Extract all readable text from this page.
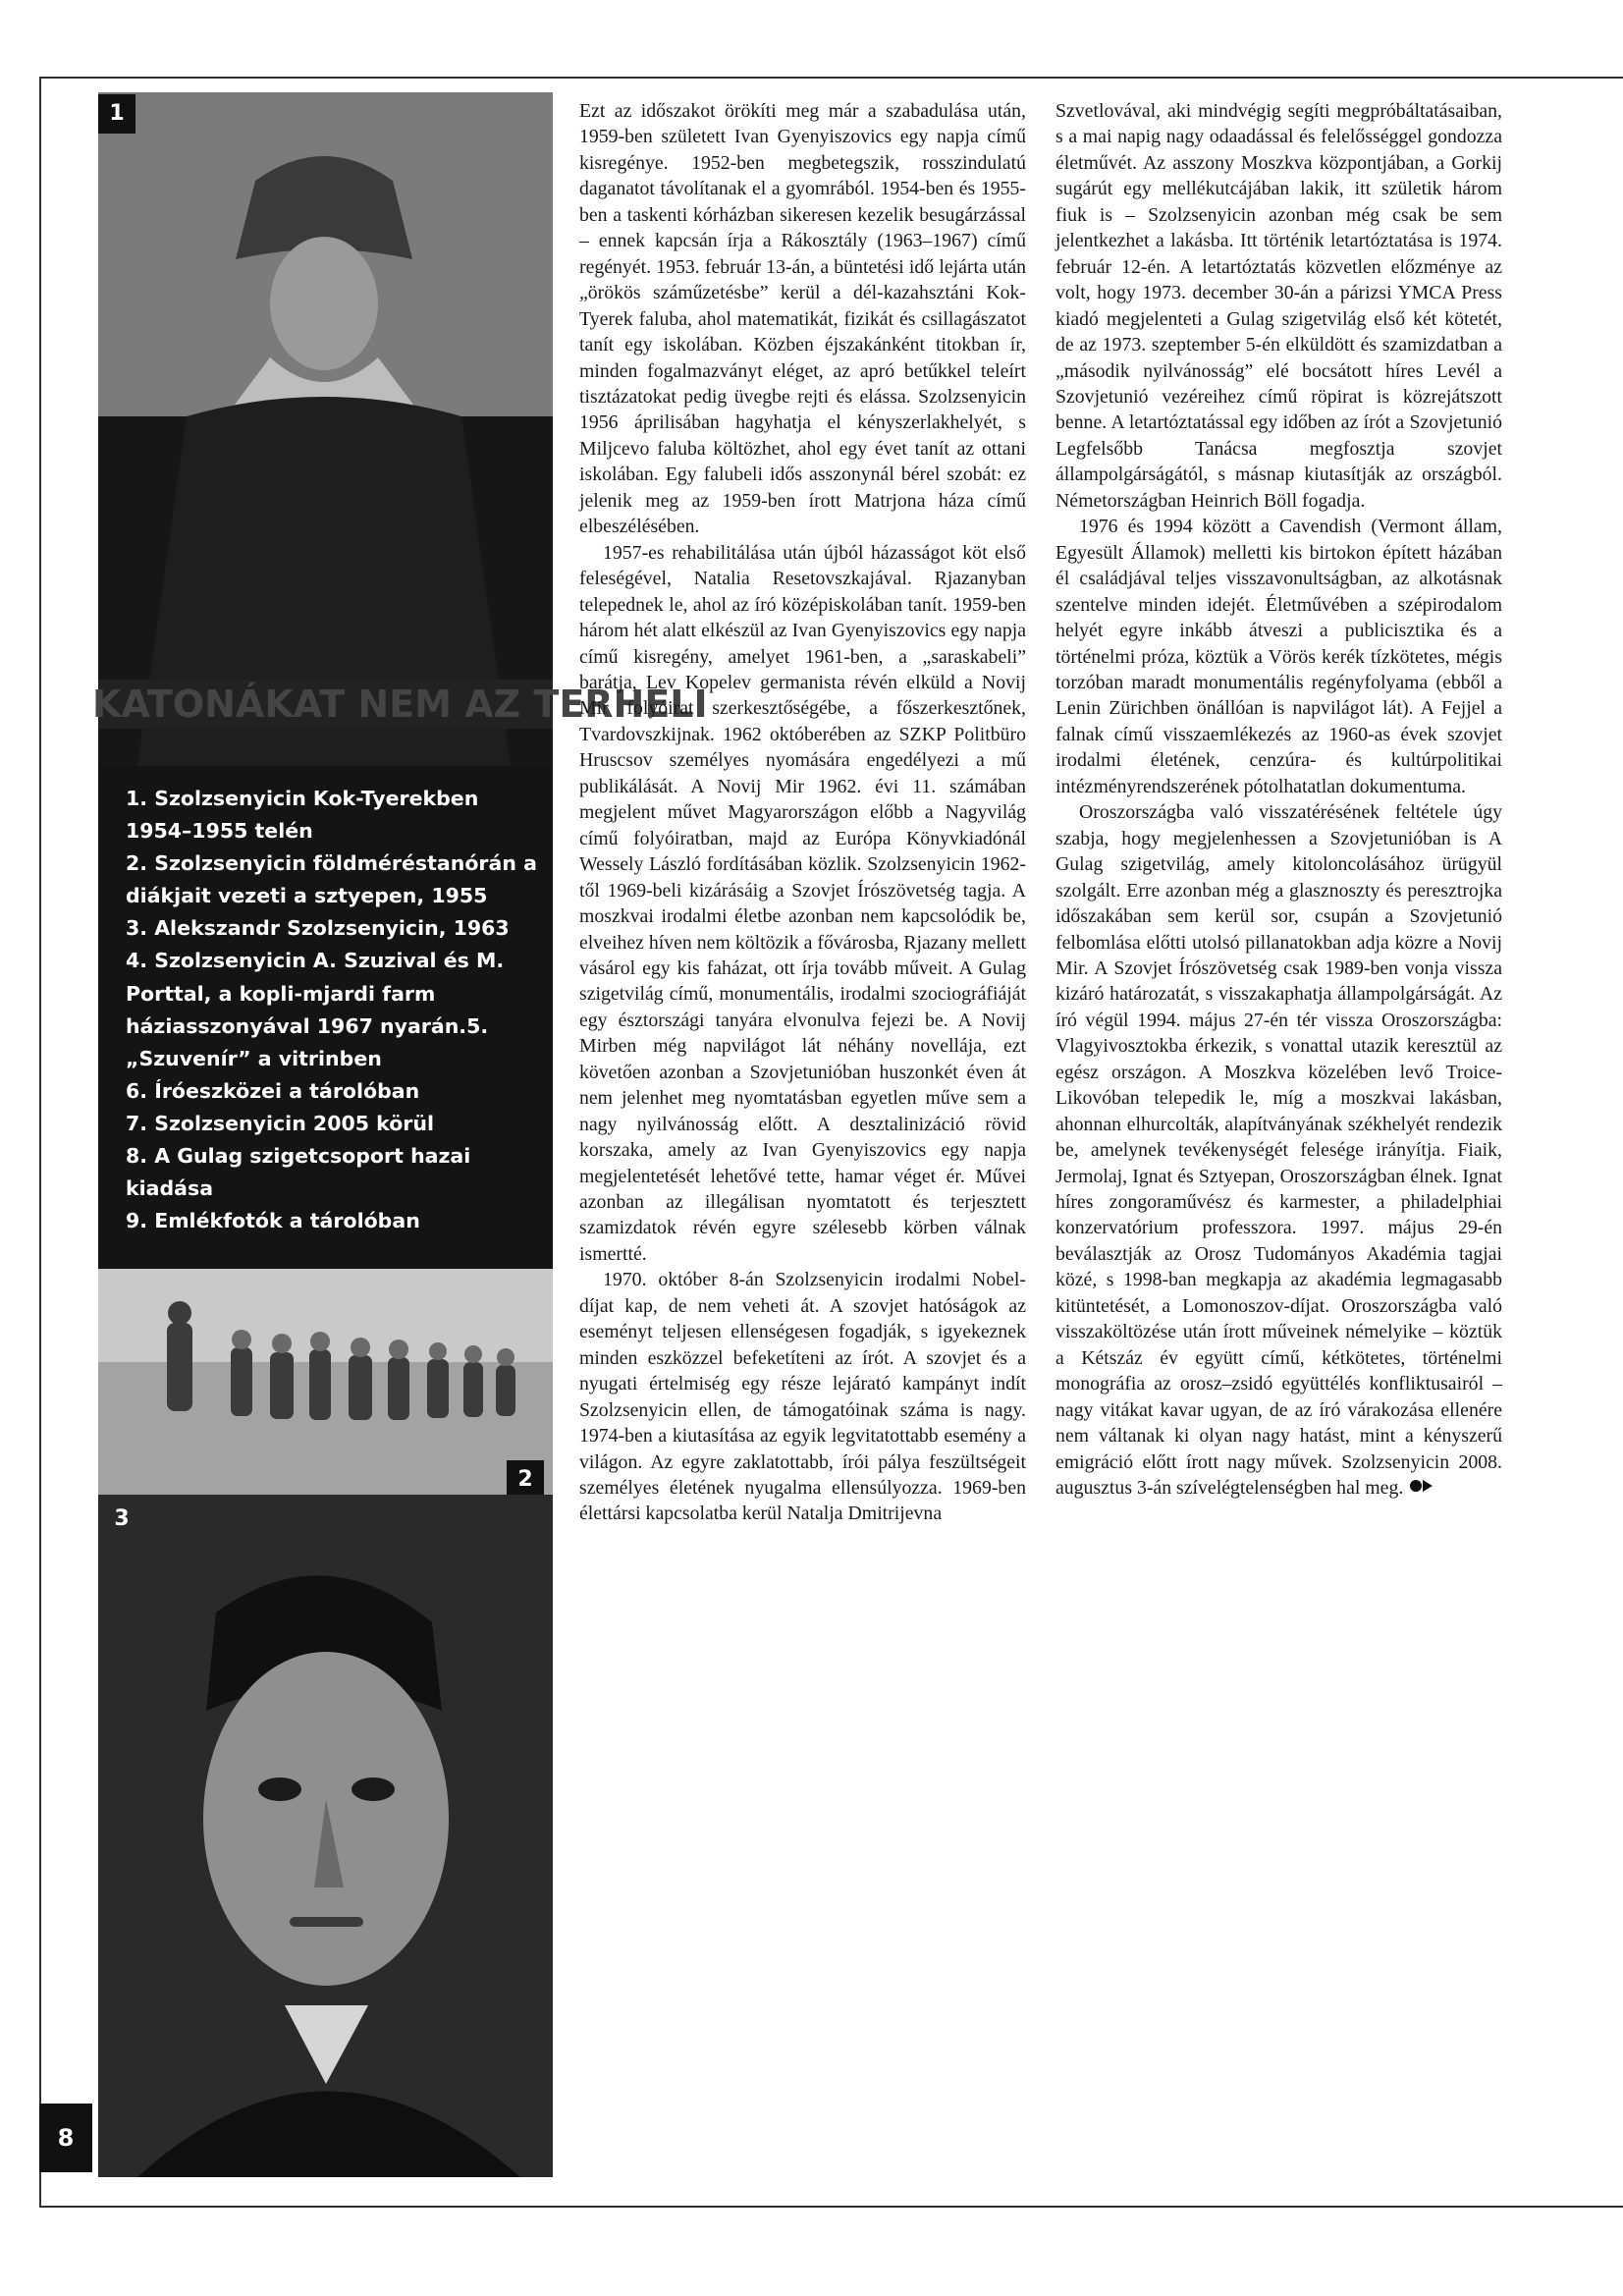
KATONÁKAT NEM AZ TERHELI
1
1. Szolzsenyicin Kok-Tyerekben 1954–1955 telén
2. Szolzsenyicin földméréstanórán a diákjait vezeti a sztyepen, 1955
3. Alekszandr Szolzsenyicin, 1963
4. Szolzsenyicin A. Szuzival és M. Porttal, a kopli-mjardi farm háziasszonyával 1967 nyarán.5. „Szuvenír” a vitrinben
6. Íróeszközei a tárolóban
7. Szolzsenyicin 2005 körül
8. A Gulag szigetcsoport hazai kiadása
9. Emlékfotók a tárolóban
2
3
8

Ezt az időszakot örökíti meg már a szabadulása után, 1959-ben született Ivan Gyenyiszovics egy napja című kisregénye. 1952-ben megbetegszik, rosszindulatú daganatot távolítanak el a gyomrából. 1954-ben és 1955-ben a taskenti kórházban sikeresen kezelik besugárzással – ennek kapcsán írja a Rákosztály (1963–1967) című regényét. 1953. február 13-án, a büntetési idő lejárta után „örökös száműzetésbe” kerül a dél-kazahsztáni Kok-Tyerek faluba, ahol matematikát, fizikát és csillagászatot tanít egy iskolában. Közben éjszakánként titokban ír, minden fogalmazványt eléget, az apró betűkkel teleírt tisztázatokat pedig üvegbe rejti és elássa. Szolzsenyicin 1956 áprilisában hagyhatja el kényszerlakhelyét, s Miljcevo faluba költözhet, ahol egy évet tanít az ottani iskolában. Egy falubeli idős asszonynál bérel szobát: ez jelenik meg az 1959-ben írott Matrjona háza című elbeszélésében.

1957-es rehabilitálása után újból házasságot köt első feleségével, Natalia Resetovszkajával. Rjazanyban telepednek le, ahol az író középiskolában tanít. 1959-ben három hét alatt elkészül az Ivan Gyenyiszovics egy napja című kisregény, amelyet 1961-ben, a „saraskabeli” barátja, Lev Kopelev germanista révén elküld a Novij Mir folyóirat szerkesztőségébe, a főszerkesztőnek, Tvardovszkijnak. 1962 októberében az SZKP Politbüro Hruscsov személyes nyomására engedélyezi a mű publikálását. A Novij Mir 1962. évi 11. számában megjelent művet Magyarországon előbb a Nagyvilág című folyóiratban, majd az Európa Könyvkiadónál Wessely László fordításában közlik. Szolzsenyicin 1962-től 1969-beli kizárásáig a Szovjet Írószövetség tagja. A moszkvai irodalmi életbe azonban nem kapcsolódik be, elveihez híven nem költözik a fővárosba, Rjazany mellett vásárol egy kis faházat, ott írja tovább műveit. A Gulag szigetvilág című, monumentális, irodalmi szociográfiáját egy észtországi tanyára elvonulva fejezi be. A Novij Mirben még napvilágot lát néhány novellája, ezt követően azonban a Szovjetunióban huszonkét éven át nem jelenhet meg nyomtatásban egyetlen műve sem a nagy nyilvánosság előtt. A desztalinizáció rövid korszaka, amely az Ivan Gyenyiszovics egy napja megjelentetését lehetővé tette, hamar véget ér. Művei azonban az illegálisan nyomtatott és terjesztett szamizdatok révén egyre szélesebb körben válnak ismertté.

1970. október 8-án Szolzsenyicin irodalmi Nobel-díjat kap, de nem veheti át. A szovjet hatóságok az eseményt teljesen ellenségesen fogadják, s igyekeznek minden eszközzel befeketíteni az írót. A szovjet és a nyugati értelmiség egy része lejárató kampányt indít Szolzsenyicin ellen, de támogatóinak száma is nagy. 1974-ben a kiutasítása az egyik legvitatottabb esemény a világon. Az egyre zaklatottabb, írói pálya feszültségeit személyes életének nyugalma ellensúlyozza. 1969-ben élettársi kapcsolatba kerül Natalja Dmitrijevna

Szvetlovával, aki mindvégig segíti megpróbáltatásaiban, s a mai napig nagy odaadással és felelősséggel gondozza életművét. Az asszony Moszkva központjában, a Gorkij sugárút egy mellékutcájában lakik, itt születik három fiuk is – Szolzsenyicin azonban még csak be sem jelentkezhet a lakásba. Itt történik letartóztatása is 1974. február 12-én. A letartóztatás közvetlen előzménye az volt, hogy 1973. december 30-án a párizsi YMCA Press kiadó megjelenteti a Gulag szigetvilág első két kötetét, de az 1973. szeptember 5-én elküldött és szamizdatban a „második nyilvánosság” elé bocsátott híres Levél a Szovjetunió vezéreihez című röpirat is közrejátszott benne. A letartóztatással egy időben az írót a Szovjetunió Legfelsőbb Tanácsa megfosztja szovjet állampolgárságától, s másnap kiutasítják az országból. Németországban Heinrich Böll fogadja.

1976 és 1994 között a Cavendish (Vermont állam, Egyesült Államok) melletti kis birtokon épített házában él családjával teljes visszavonultságban, az alkotásnak szentelve minden idejét. Életművében a szépirodalom helyét egyre inkább átveszi a publicisztika és a történelmi próza, köztük a Vörös kerék tízkötetes, mégis torzóban maradt monumentális regényfolyama (ebből a Lenin Zürichben önállóan is napvilágot lát). A Fejjel a falnak című visszaemlékezés az 1960-as évek szovjet irodalmi életének, cenzúra- és kultúrpolitikai intézményrendszerének pótolhatatlan dokumentuma.

Oroszországba való visszatérésének feltétele úgy szabja, hogy megjelenhessen a Szovjetunióban is A Gulag szigetvilág, amely kitoloncolásához ürügyül szolgált. Erre azonban még a glasznoszty és peresztrojka időszakában sem kerül sor, csupán a Szovjetunió felbomlása előtti utolsó pillanatokban adja közre a Novij Mir. A Szovjet Írószövetség csak 1989-ben vonja vissza kizáró határozatát, s visszakaphatja állampolgárságát. Az író végül 1994. május 27-én tér vissza Oroszországba: Vlagyivosztokba érkezik, s vonattal utazik keresztül az egész országon. A Moszkva közelében levő Troice-Likovóban telepedik le, míg a moszkvai lakásban, ahonnan elhurcolták, alapítványának székhelyét rendezik be, amelynek tevékenységét felesége irányítja. Fiaik, Jermolaj, Ignat és Sztyepan, Oroszországban élnek. Ignat híres zongoraművész és karmester, a philadelphiai konzervatórium professzora. 1997. május 29-én beválasztják az Orosz Tudományos Akadémia tagjai közé, s 1998-ban megkapja az akadémia legmagasabb kitüntetését, a Lomonoszov-díjat. Oroszországba való visszaköltözése után írott műveinek némelyike – köztük a Kétszáz év együtt című, kétkötetes, történelmi monográfia az orosz–zsidó együttélés konfliktusairól – nagy vitákat kavar ugyan, de az író várakozása ellenére nem váltanak ki olyan nagy hatást, mint a kényszerű emigráció előtt írott nagy művek. Szolzsenyicin 2008. augusztus 3-án szívelégtelenségben hal meg.
